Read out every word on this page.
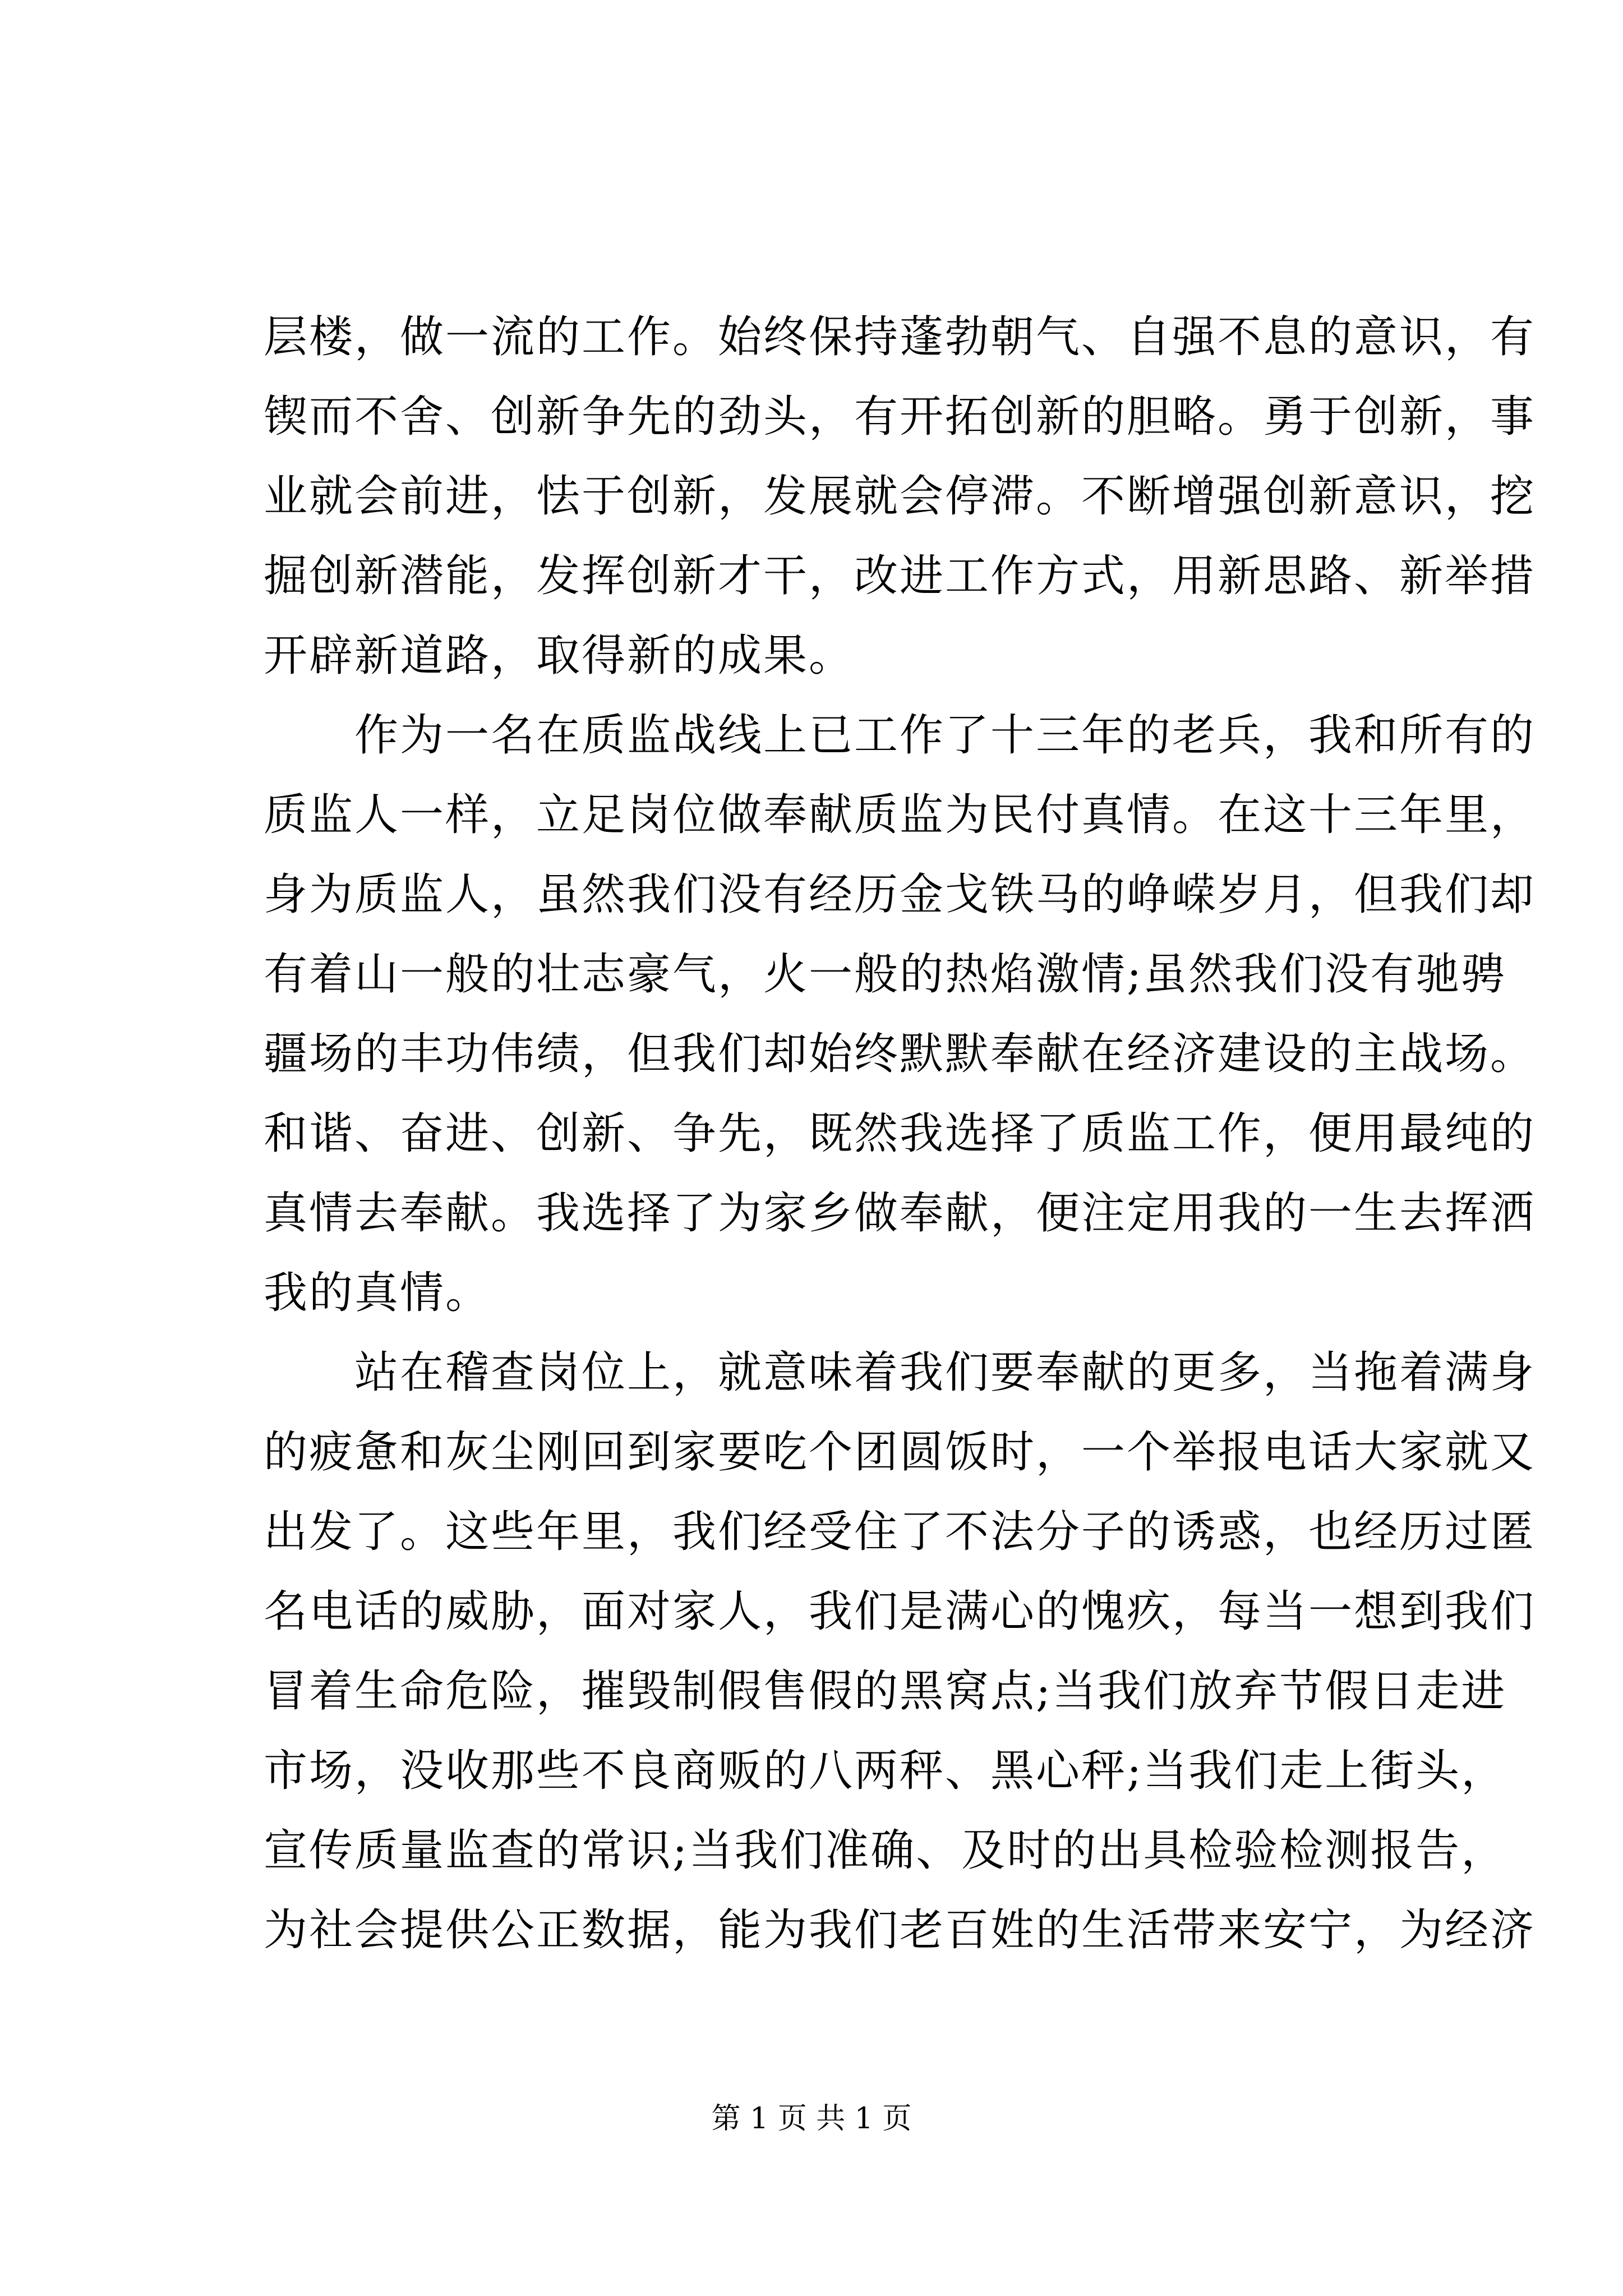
层楼，做一流的工作。始终保持蓬勃朝气、自强不息的意识，有
锲而不舍、创新争先的劲头，有开拓创新的胆略。勇于创新，事
业就会前进，怯于创新，发展就会停滞。不断增强创新意识，挖
掘创新潜能，发挥创新才干，改进工作方式，用新思路、新举措
开辟新道路，取得新的成果。
　　作为一名在质监战线上已工作了十三年的老兵，我和所有的
质监人一样，立足岗位做奉献质监为民付真情。在这十三年里，
身为质监人，虽然我们没有经历金戈铁马的峥嵘岁月，但我们却
有着山一般的壮志豪气，火一般的热焰激情;虽然我们没有驰骋
疆场的丰功伟绩，但我们却始终默默奉献在经济建设的主战场。
和谐、奋进、创新、争先，既然我选择了质监工作，便用最纯的
真情去奉献。我选择了为家乡做奉献，便注定用我的一生去挥洒
我的真情。
　　站在稽查岗位上，就意味着我们要奉献的更多，当拖着满身
的疲惫和灰尘刚回到家要吃个团圆饭时，一个举报电话大家就又
出发了。这些年里，我们经受住了不法分子的诱惑，也经历过匿
名电话的威胁，面对家人，我们是满心的愧疚，每当一想到我们
冒着生命危险，摧毁制假售假的黑窝点;当我们放弃节假日走进
市场，没收那些不良商贩的八两秤、黑心秤;当我们走上街头，
宣传质量监查的常识;当我们准确、及时的出具检验检测报告，
为社会提供公正数据，能为我们老百姓的生活带来安宁，为经济
第 1 页 共 1 页
